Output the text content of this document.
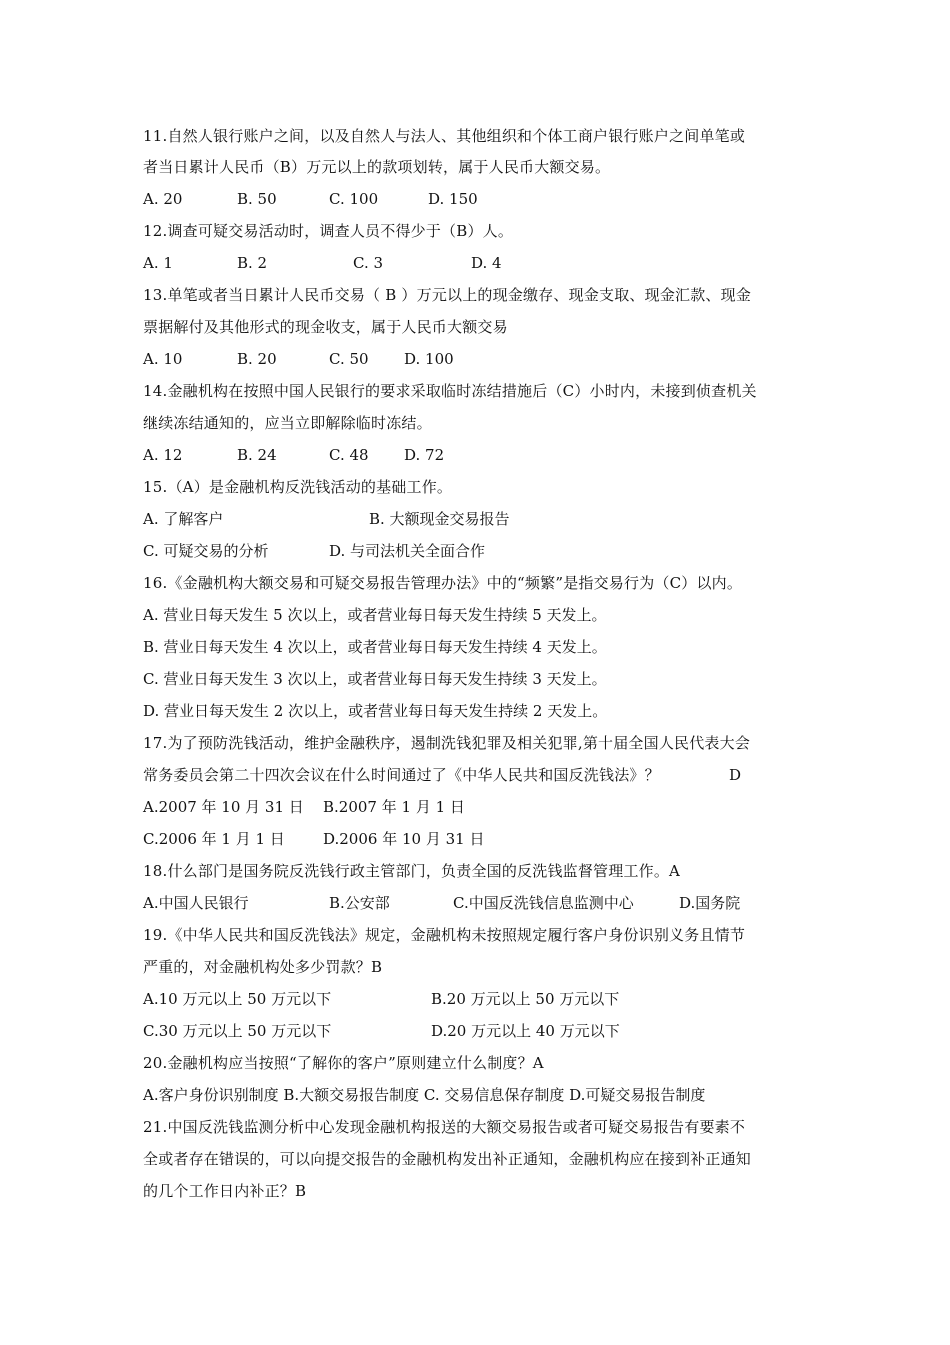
11.自然人银行账户之间，以及自然人与法人、其他组织和个体工商户银行账户之间单笔或
者当日累计人民币（B）万元以上的款项划转，属于人民币大额交易。
A. 20	B. 50	C. 100	D. 150
12.调查可疑交易活动时，调查人员不得少于（B）人。
A. 1	B. 2	C. 3	D. 4
13.单笔或者当日累计人民币交易（ B ）万元以上的现金缴存、现金支取、现金汇款、现金
票据解付及其他形式的现金收支，属于人民币大额交易
A. 10	B. 20	C. 50 D. 100
14.金融机构在按照中国人民银行的要求采取临时冻结措施后（C）小时内，未接到侦查机关
继续冻结通知的，应当立即解除临时冻结。
A. 12	B. 24	C. 48 D. 72
15.（A）是金融机构反洗钱活动的基础工作。
A. 了解客户	B. 大额现金交易报告
C. 可疑交易的分析	D. 与司法机关全面合作
16.《金融机构大额交易和可疑交易报告管理办法》中的“频繁”是指交易行为（C）以内。
A. 营业日每天发生 5 次以上，或者营业每日每天发生持续 5 天发上。
B. 营业日每天发生 4 次以上，或者营业每日每天发生持续 4 天发上。
C. 营业日每天发生 3 次以上，或者营业每日每天发生持续 3 天发上。
D. 营业日每天发生 2 次以上，或者营业每日每天发生持续 2 天发上。
17.为了预防洗钱活动，维护金融秩序，遏制洗钱犯罪及相关犯罪,第十届全国人民代表大会
常务委员会第二十四次会议在什么时间通过了《中华人民共和国反洗钱法》？	D
A.2007 年 10 月 31 日 B.2007 年 1 月 1 日
C.2006 年 1 月 1 日	D.2006 年 10 月 31 日
18.什么部门是国务院反洗钱行政主管部门，负责全国的反洗钱监督管理工作。A
A.中国人民银行	B.公安部	C.中国反洗钱信息监测中心	D.国务院
19.《中华人民共和国反洗钱法》规定，金融机构未按照规定履行客户身份识别义务且情节
严重的，对金融机构处多少罚款？B
A.10 万元以上 50 万元以下	B.20 万元以上 50 万元以下
C.30 万元以上 50 万元以下	D.20 万元以上 40 万元以下
20.金融机构应当按照“了解你的客户”原则建立什么制度？A
A.客户身份识别制度 B.大额交易报告制度 C. 交易信息保存制度 D.可疑交易报告制度
21.中国反洗钱监测分析中心发现金融机构报送的大额交易报告或者可疑交易报告有要素不
全或者存在错误的，可以向提交报告的金融机构发出补正通知，金融机构应在接到补正通知
的几个工作日内补正？B
